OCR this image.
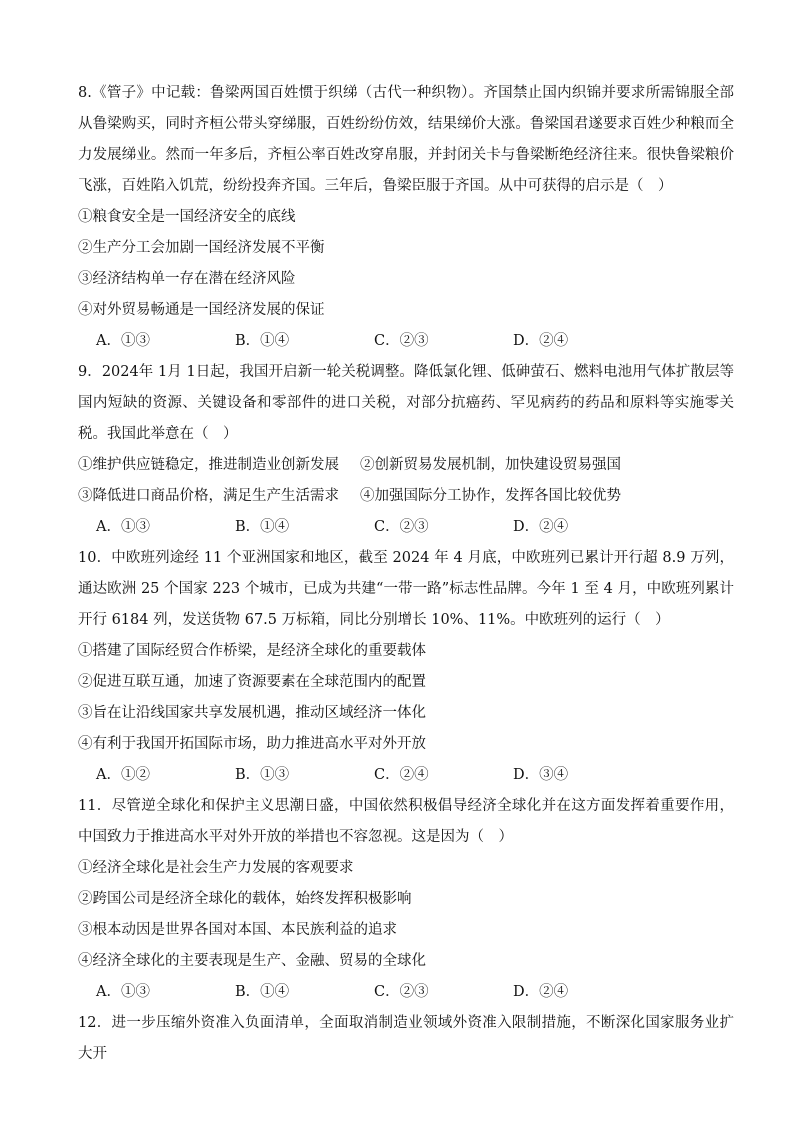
8.《管子》中记载：鲁梁两国百姓惯于织绨（古代一种织物）。齐国禁止国内织锦并要求所需锦服全部从鲁梁购买，同时齐桓公带头穿绨服，百姓纷纷仿效，结果绨价大涨。鲁梁国君遂要求百姓少种粮而全力发展绨业。然而一年多后，齐桓公率百姓改穿帛服，并封闭关卡与鲁梁断绝经济往来。很快鲁梁粮价飞涨，百姓陷入饥荒，纷纷投奔齐国。三年后，鲁梁臣服于齐国。从中可获得的启示是（　）

①粮食安全是一国经济安全的底线

②生产分工会加剧一国经济发展不平衡

③经济结构单一存在潜在经济风险

④对外贸易畅通是一国经济发展的保证

A．①③	B．①④	C．②③	D．②④

9．2024年 1月 1日起，我国开启新一轮关税调整。降低氯化锂、低砷萤石、燃料电池用气体扩散层等国内短缺的资源、关键设备和零部件的进口关税，对部分抗癌药、罕见病药的药品和原料等实施零关税。我国此举意在（　）

①维护供应链稳定，推进制造业创新发展	②创新贸易发展机制，加快建设贸易强国
③降低进口商品价格，满足生产生活需求	④加强国际分工协作，发挥各国比较优势
A．①③	B．①④	C．②③	D．②④

10．中欧班列途经 11 个亚洲国家和地区，截至 2024 年 4 月底，中欧班列已累计开行超 8.9 万列，通达欧洲 25 个国家 223 个城市，已成为共建“一带一路”标志性品牌。今年 1 至 4 月，中欧班列累计开行 6184 列，发送货物 67.5 万标箱，同比分别增长 10%、11%。中欧班列的运行（　）

①搭建了国际经贸合作桥梁，是经济全球化的重要载体

②促进互联互通，加速了资源要素在全球范围内的配置

③旨在让沿线国家共享发展机遇，推动区域经济一体化

④有利于我国开拓国际市场，助力推进高水平对外开放

A．①②	B．①③	C．②④	D．③④

11．尽管逆全球化和保护主义思潮日盛，中国依然积极倡导经济全球化并在这方面发挥着重要作用，中国致力于推进高水平对外开放的举措也不容忽视。这是因为（　）

①经济全球化是社会生产力发展的客观要求

②跨国公司是经济全球化的载体，始终发挥积极影响

③根本动因是世界各国对本国、本民族利益的追求

④经济全球化的主要表现是生产、金融、贸易的全球化

A．①③	B．①④	C．②③	D．②④

12．进一步压缩外资准入负面清单，全面取消制造业领域外资准入限制措施，不断深化国家服务业扩大开
